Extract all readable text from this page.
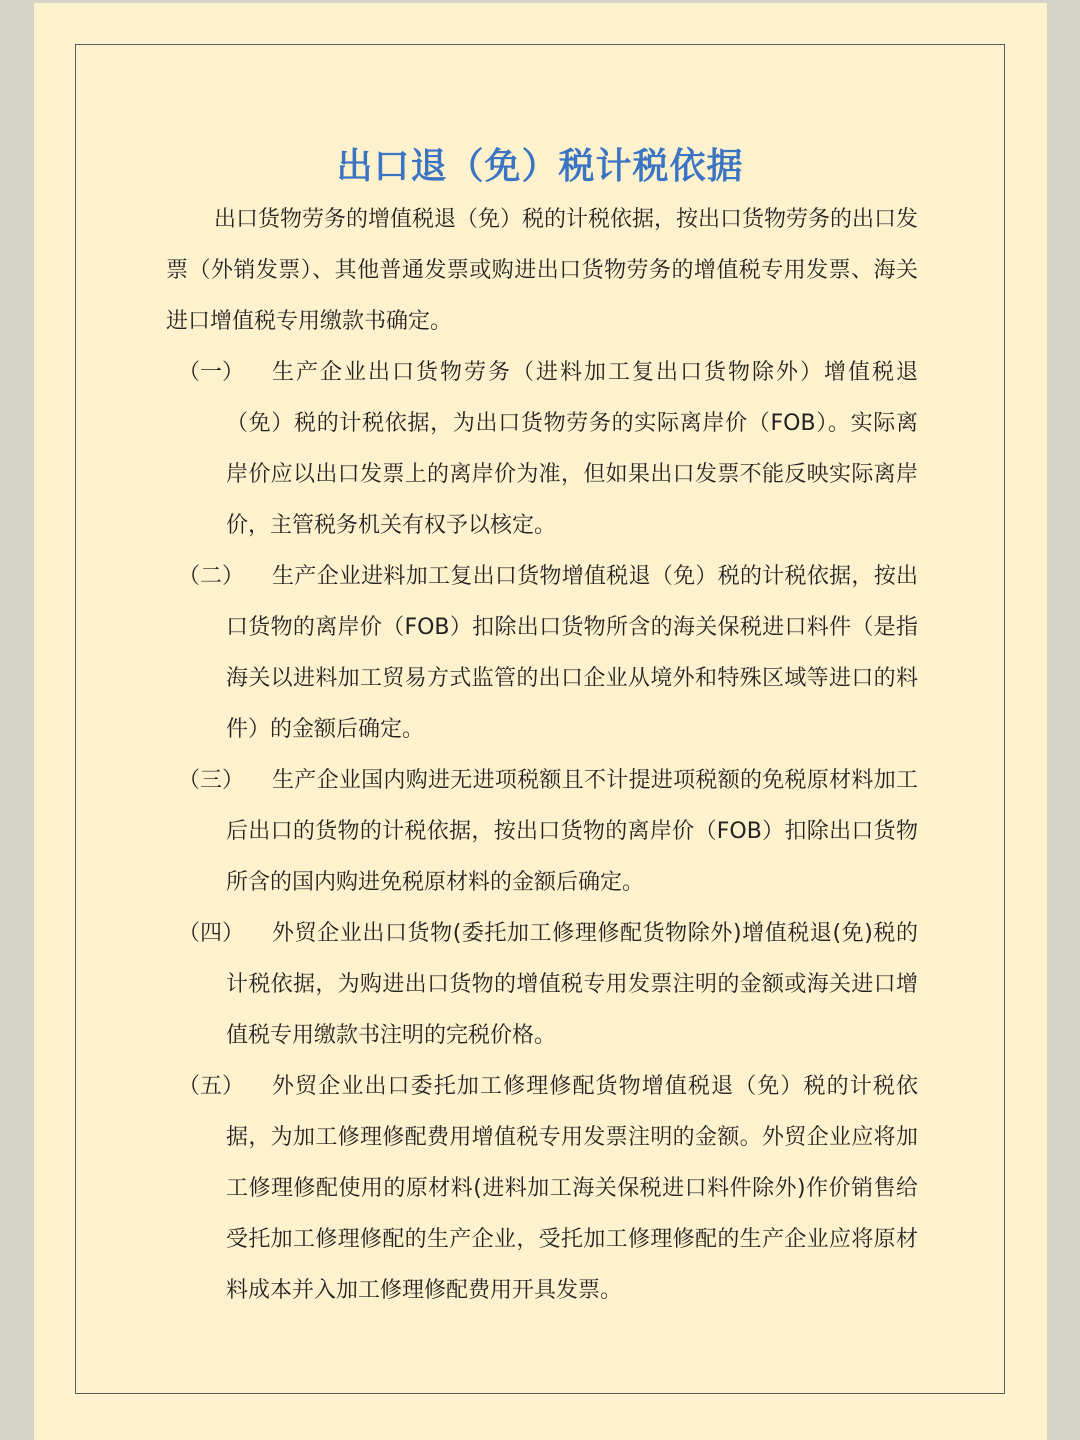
出口退（免）税计税依据

出口货物劳务的增值税退（免）税的计税依据，按出口货物劳务的出口发票（外销发票）、其他普通发票或购进出口货物劳务的增值税专用发票、海关进口增值税专用缴款书确定。

（一）	生产企业出口货物劳务（进料加工复出口货物除外）增值税退（免）税的计税依据，为出口货物劳务的实际离岸价（FOB）。实际离岸价应以出口发票上的离岸价为准，但如果出口发票不能反映实际离岸价，主管税务机关有权予以核定。

（二）	生产企业进料加工复出口货物增值税退（免）税的计税依据，按出口货物的离岸价（FOB）扣除出口货物所含的海关保税进口料件（是指海关以进料加工贸易方式监管的出口企业从境外和特殊区域等进口的料件）的金额后确定。

（三）	生产企业国内购进无进项税额且不计提进项税额的免税原材料加工后出口的货物的计税依据，按出口货物的离岸价（FOB）扣除出口货物所含的国内购进免税原材料的金额后确定。

（四）	外贸企业出口货物(委托加工修理修配货物除外)增值税退(免)税的计税依据，为购进出口货物的增值税专用发票注明的金额或海关进口增值税专用缴款书注明的完税价格。

（五）	外贸企业出口委托加工修理修配货物增值税退（免）税的计税依据，为加工修理修配费用增值税专用发票注明的金额。外贸企业应将加工修理修配使用的原材料(进料加工海关保税进口料件除外)作价销售给受托加工修理修配的生产企业，受托加工修理修配的生产企业应将原材料成本并入加工修理修配费用开具发票。
